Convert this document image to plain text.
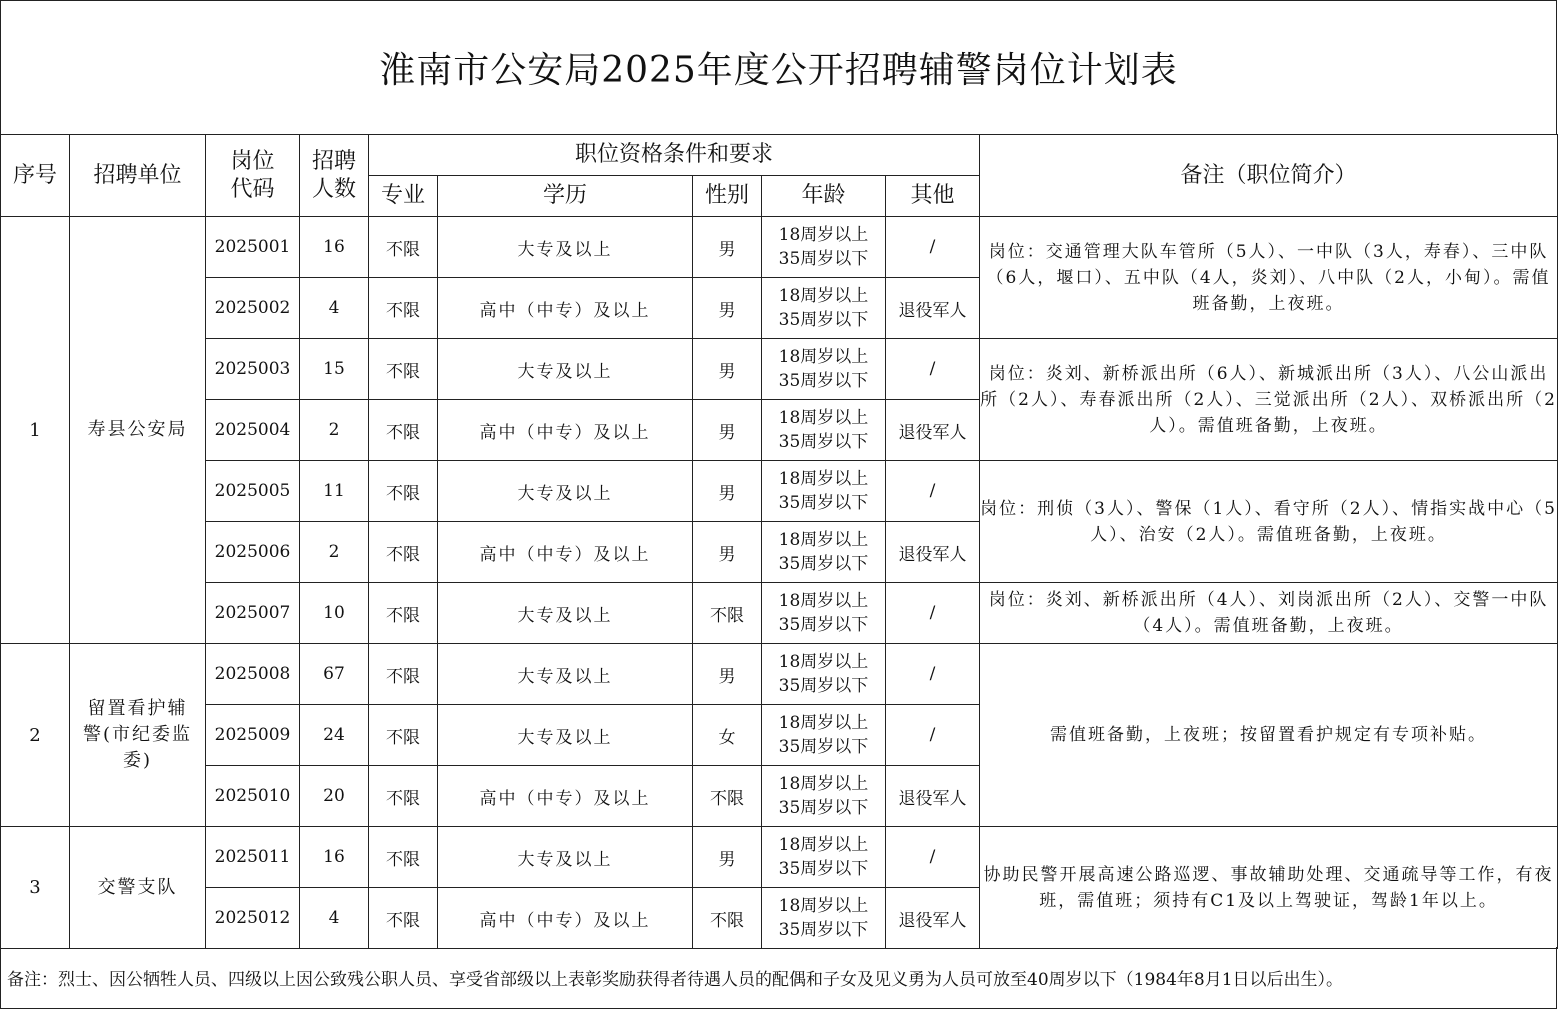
淮南市公安局2025年度公开招聘辅警岗位计划表
序号	招聘单位	岗位代码	招聘人数	职位资格条件和要求					备注（职位简介）
				专业	学历	性别	年龄	其他	
1	寿县公安局	2025001	16	不限	大专及以上	男	18周岁以上
35周岁以下	/	岗位：交通管理大队车管所（5人）、一中队（3人，寿春）、三中队（6人，堰口）、五中队（4人，炎刘）、八中队（2人，小甸）。需值班备勤，上夜班。
		2025002	4	不限	高中（中专）及以上	男	18周岁以上
35周岁以下	退役军人	
		2025003	15	不限	大专及以上	男	18周岁以上
35周岁以下	/	岗位：炎刘、新桥派出所（6人）、新城派出所（3人）、八公山派出所（2人）、寿春派出所（2人）、三觉派出所（2人）、双桥派出所（2人）。需值班备勤，上夜班。
		2025004	2	不限	高中（中专）及以上	男	18周岁以上
35周岁以下	退役军人	
		2025005	11	不限	大专及以上	男	18周岁以上
35周岁以下	/	岗位：刑侦（3人）、警保（1人）、看守所（2人）、情指实战中心（5人）、治安（2人）。需值班备勤，上夜班。
		2025006	2	不限	高中（中专）及以上	男	18周岁以上
35周岁以下	退役军人	
		2025007	10	不限	大专及以上	不限	18周岁以上
35周岁以下	/	岗位：炎刘、新桥派出所（4人）、刘岗派出所（2人）、交警一中队（4人）。需值班备勤，上夜班。
2	留置看护辅警(市纪委监委)	2025008	67	不限	大专及以上	男	18周岁以上
35周岁以下	/	需值班备勤，上夜班；按留置看护规定有专项补贴。
		2025009	24	不限	大专及以上	女	18周岁以上
35周岁以下	/	
		2025010	20	不限	高中（中专）及以上	不限	18周岁以上
35周岁以下	退役军人	
3	交警支队	2025011	16	不限	大专及以上	男	18周岁以上
35周岁以下	/	协助民警开展高速公路巡逻、事故辅助处理、交通疏导等工作，有夜班，需值班；须持有C1及以上驾驶证，驾龄1年以上。
		2025012	4	不限	高中（中专）及以上	不限	18周岁以上
35周岁以下	退役军人	
备注：烈士、因公牺牲人员、四级以上因公致残公职人员、享受省部级以上表彰奖励获得者待遇人员的配偶和子女及见义勇为人员可放至40周岁以下（1984年8月1日以后出生）。
